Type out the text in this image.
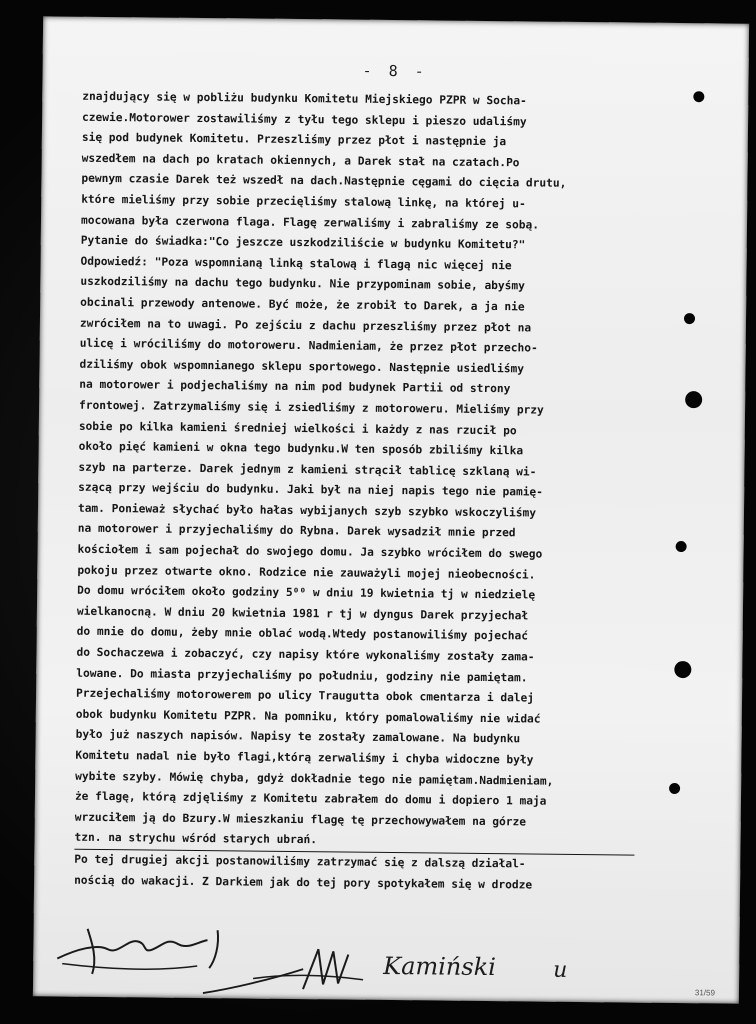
- 8 -
znajdujący się w pobliżu budynku Komitetu Miejskiego PZPR w Socha-
czewie.Motorower zostawiliśmy z tyłu tego sklepu i pieszo udaliśmy
się pod budynek Komitetu. Przeszliśmy przez płot i następnie ja
wszedłem na dach po kratach okiennych, a Darek stał na czatach.Po
pewnym czasie Darek też wszedł na dach.Następnie cęgami do cięcia drutu,
które mieliśmy przy sobie przecięliśmy stalową linkę, na której u-
mocowana była czerwona flaga. Flagę zerwaliśmy i zabraliśmy ze sobą.
Pytanie do świadka:"Co jeszcze uszkodziliście w budynku Komitetu?"
Odpowiedź: "Poza wspomnianą linką stalową i flagą nic więcej nie
uszkodziliśmy na dachu tego budynku. Nie przypominam sobie, abyśmy
obcinali przewody antenowe. Być może, że zrobił to Darek, a ja nie
zwróciłem na to uwagi. Po zejściu z dachu przeszliśmy przez płot na
ulicę i wróciliśmy do motoroweru. Nadmieniam, że przez płot przecho-
dziliśmy obok wspomnianego sklepu sportowego. Następnie usiedliśmy
na motorower i podjechaliśmy na nim pod budynek Partii od strony
frontowej. Zatrzymaliśmy się i zsiedliśmy z motoroweru. Mieliśmy przy
sobie po kilka kamieni średniej wielkości i każdy z nas rzucił po
około pięć kamieni w okna tego budynku.W ten sposób zbiliśmy kilka
szyb na parterze. Darek jednym z kamieni strącił tablicę szklaną wi-
szącą przy wejściu do budynku. Jaki był na niej napis tego nie pamię-
tam. Ponieważ słychać było hałas wybijanych szyb szybko wskoczyliśmy
na motorower i przyjechaliśmy do Rybna. Darek wysadził mnie przed
kościołem i sam pojechał do swojego domu. Ja szybko wróciłem do swego
pokoju przez otwarte okno. Rodzice nie zauważyli mojej nieobecności.
Do domu wróciłem około godziny 5⁰⁰ w dniu 19 kwietnia tj w niedzielę
wielkanocną. W dniu 20 kwietnia 1981 r tj w dyngus Darek przyjechał
do mnie do domu, żeby mnie oblać wodą.Wtedy postanowiliśmy pojechać
do Sochaczewa i zobaczyć, czy napisy które wykonaliśmy zostały zama-
lowane. Do miasta przyjechaliśmy po południu, godziny nie pamiętam.
Przejechaliśmy motorowerem po ulicy Traugutta obok cmentarza i dalej
obok budynku Komitetu PZPR. Na pomniku, który pomalowaliśmy nie widać
było już naszych napisów. Napisy te zostały zamalowane. Na budynku
Komitetu nadal nie było flagi,którą zerwaliśmy i chyba widoczne były
wybite szyby. Mówię chyba, gdyż dokładnie tego nie pamiętam.Nadmieniam,
że flagę, którą zdjęliśmy z Komitetu zabrałem do domu i dopiero 1 maja
wrzuciłem ją do Bzury.W mieszkaniu flagę tę przechowywałem na górze
tzn. na strychu wśród starych ubrań.
Po tej drugiej akcji postanowiliśmy zatrzymać się z dalszą działal-
nością do wakacji. Z Darkiem jak do tej pory spotykałem się w drodze
Kamiński	u
31/59
